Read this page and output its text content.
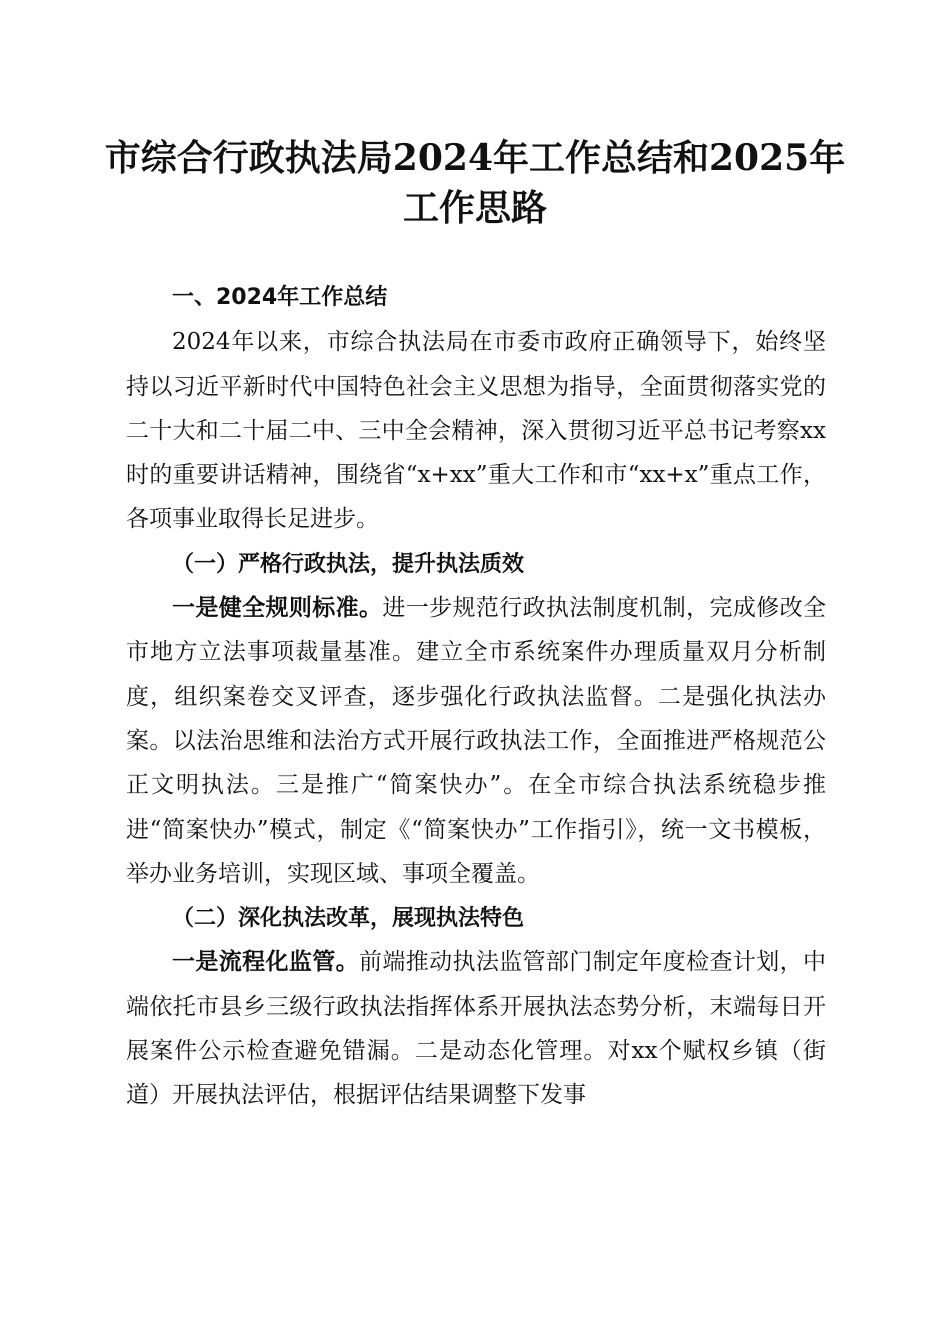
市综合行政执法局2024年工作总结和2025年
工作思路

一、2024年工作总结

2024年以来，市综合执法局在市委市政府正确领导下，始终坚持以习近平新时代中国特色社会主义思想为指导，全面贯彻落实党的二十大和二十届二中、三中全会精神，深入贯彻习近平总书记考察xx时的重要讲话精神，围绕省“x+xx”重大工作和市“xx+x”重点工作，各项事业取得长足进步。

（一）严格行政执法，提升执法质效

一是健全规则标准。进一步规范行政执法制度机制，完成修改全市地方立法事项裁量基准。建立全市系统案件办理质量双月分析制度，组织案卷交叉评查，逐步强化行政执法监督。二是强化执法办案。以法治思维和法治方式开展行政执法工作，全面推进严格规范公正文明执法。三是推广“简案快办”。在全市综合执法系统稳步推进“简案快办”模式，制定《“简案快办”工作指引》，统一文书模板，举办业务培训，实现区域、事项全覆盖。

（二）深化执法改革，展现执法特色

一是流程化监管。前端推动执法监管部门制定年度检查计划，中端依托市县乡三级行政执法指挥体系开展执法态势分析，末端每日开展案件公示检查避免错漏。二是动态化管理。对xx个赋权乡镇（街道）开展执法评估，根据评估结果调整下发事
